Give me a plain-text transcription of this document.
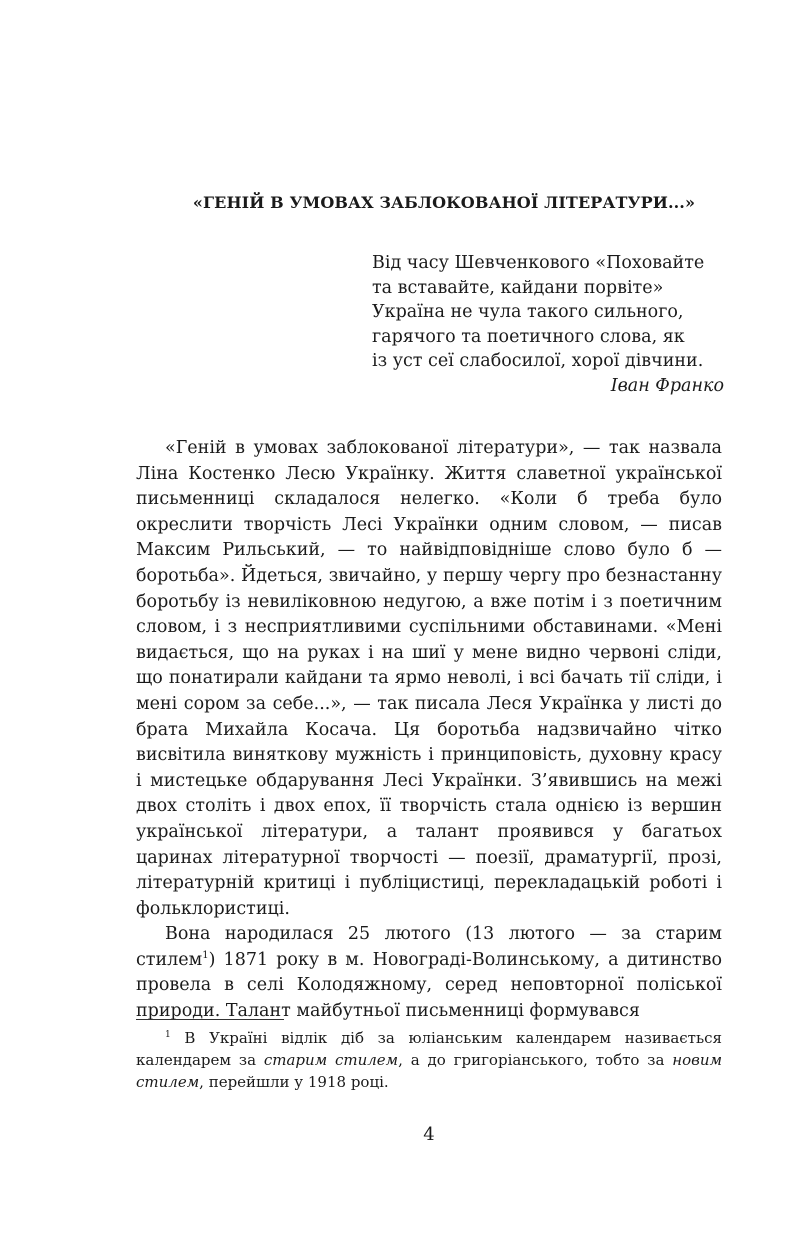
«ГЕНІЙ В УМОВАХ ЗАБЛОКОВАНОЇ ЛІТЕРАТУРИ...»
Від часу Шевченкового «Поховайте
та вставайте, кайдани порвіте»
Україна не чула такого сильного,
гарячого та поетичного слова, як
із уст сеї слабосилої, хорої дівчини.
Іван Франко

«Геній в умовах заблокованої літератури», — так назвала Ліна Костенко Лесю Українку. Життя славетної української письменниці складалося нелегко. «Коли б треба було окреслити творчість Лесі Українки одним словом, — писав Максим Рильський, — то найвідповідніше слово було б — боротьба». Йдеться, звичайно, у першу чергу про безнастанну боротьбу із невиліковною недугою, а вже потім і з поетичним словом, і з несприятливими суспільними обставинами. «Мені видається, що на руках і на шиї у мене видно червоні сліди, що понатирали кайдани та ярмо неволі, і всі бачать тії сліди, і мені сором за себе...», — так писала Леся Українка у листі до брата Михайла Косача. Ця боротьба надзвичайно чітко висвітила виняткову мужність і принциповість, духовну красу і мистецьке обдарування Лесі Українки. З’явившись на межі двох століть і двох епох, її творчість стала однією із вершин української літератури, а талант проявився у багатьох царинах літературної творчості — поезії, драматургії, прозі, літературній критиці і публіцистиці, перекладацькій роботі і фольклористиці.

Вона народилася 25 лютого (13 лютого — за старим стилем$^1$) 1871 року в м. Новограді-Волинському, а дитинство провела в селі Колодяжному, серед неповторної поліської природи. Талант майбутньої письменниці формувався

$^1$ В Україні відлік діб за юліанським календарем називається календарем за старим стилем, а до григоріанського, тобто за новим стилем, перейшли у 1918 році.

4
